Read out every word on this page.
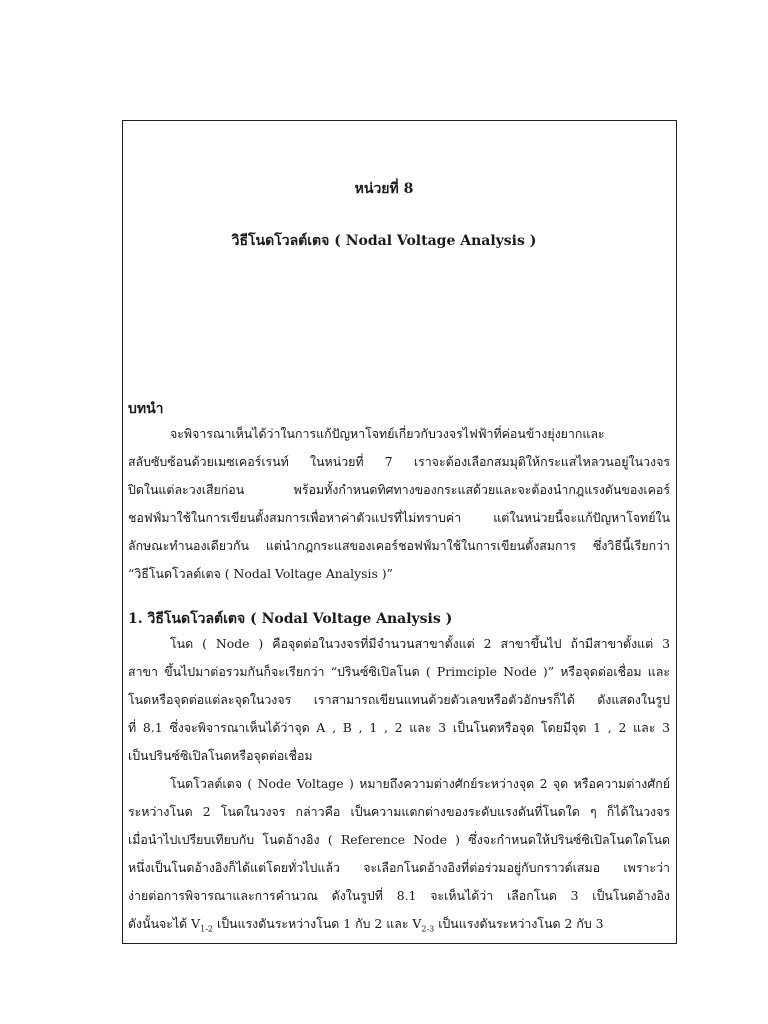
หน่วยที่ 8
วิธีโนดโวลต์เตจ ( Nodal Voltage Analysis )
บทนำ
จะพิจารณาเห็นได้ว่าในการแก้ปัญหาโจทย์เกี่ยวกับวงจรไฟฟ้าที่ค่อนข้างยุ่งยากและ
สลับซับซ้อนด้วยเมซเคอร์เรนท์ ในหน่วยที่ 7 เราจะต้องเลือกสมมุติให้กระแสไหลวนอยู่ในวงจร
ปิดในแต่ละวงเสียก่อน พร้อมทั้งกำหนดทิศทางของกระแสด้วยและจะต้องนำกฎแรงดันของเคอร์
ชอฟฟ์มาใช้ในการเขียนตั้งสมการเพื่อหาค่าตัวแปรที่ไม่ทราบค่า แต่ในหน่วยนี้จะแก้ปัญหาโจทย์ใน
ลักษณะทำนองเดียวกัน แต่นำกฎกระแสของเคอร์ชอฟฟ์มาใช้ในการเขียนตั้งสมการ ซึ่งวิธีนี้เรียกว่า
“วิธีโนดโวลต์เตจ ( Nodal Voltage Analysis )”
1. วิธีโนดโวลต์เตจ ( Nodal Voltage Analysis )
โนด ( Node ) คือจุดต่อในวงจรที่มีจำนวนสาขาตั้งแต่ 2 สาขาขึ้นไป ถ้ามีสาขาตั้งแต่ 3
สาขา ขึ้นไปมาต่อรวมกันก็จะเรียกว่า “ปรินซ์ซิเปิลโนด ( Primciple Node )” หรือจุดต่อเชื่อม และ
โนดหรือจุดต่อแต่ละจุดในวงจร เราสามารถเขียนแทนด้วยตัวเลขหรือตัวอักษรก็ได้ ดังแสดงในรูป
ที่ 8.1 ซึ่งจะพิจารณาเห็นได้ว่าจุด A , B , 1 , 2 และ 3 เป็นโนดหรือจุด โดยมีจุด 1 , 2 และ 3
เป็นปรินซ์ซิเปิลโนดหรือจุดต่อเชื่อม
โนดโวลต์เตจ ( Node Voltage ) หมายถึงความต่างศักย์ระหว่างจุด 2 จุด หรือความต่างศักย์
ระหว่างโนด 2 โนดในวงจร กล่าวคือ เป็นความแตกต่างของระดับแรงดันที่โนดใด ๆ ก็ได้ในวงจร
เมื่อนำไปเปรียบเทียบกับ โนดอ้างอิง ( Reference Node ) ซึ่งจะกำหนดให้ปรินซ์ซิเปิลโนดใดโนด
หนึ่งเป็นโนดอ้างอิงก็ได้แต่โดยทั่วไปแล้ว จะเลือกโนดอ้างอิงที่ต่อร่วมอยู่กับกราวด์เสมอ เพราะว่า
ง่ายต่อการพิจารณาและการคำนวณ ดังในรูปที่ 8.1 จะเห็นได้ว่า เลือกโนด 3 เป็นโนดอ้างอิง
ดังนั้นจะได้ $V_{1-2}$ เป็นแรงดันระหว่างโนด 1 กับ 2 และ $V_{2-3}$ เป็นแรงดันระหว่างโนด 2 กับ 3
